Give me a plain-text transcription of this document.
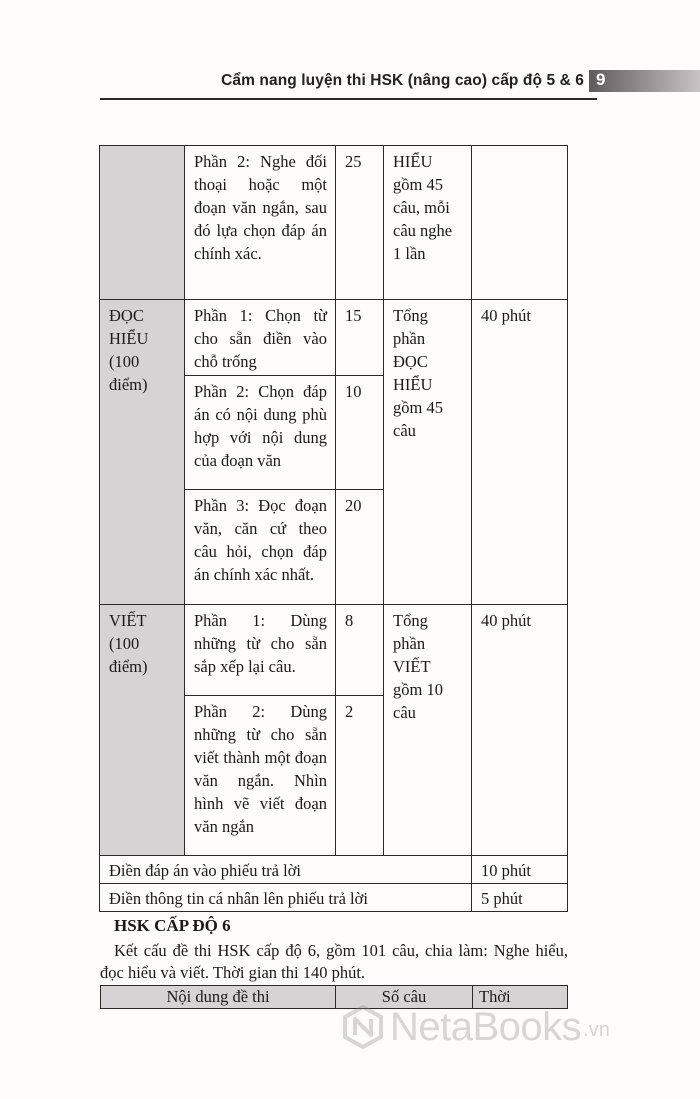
Cẩm nang luyện thi HSK (nâng cao) cấp độ 5 & 6 9
	Phần 2: Nghe đối thoại hoặc một đoạn văn ngắn, sau đó lựa chọn đáp án chính xác.	25	HIỂU gồm 45 câu, mỗi câu nghe 1 lần	
ĐỌC HIỂU (100 điểm)	Phần 1: Chọn từ cho sẵn điền vào chỗ trống	15	Tổng phần ĐỌC HIỂU gồm 45 câu	40 phút
	Phần 2: Chọn đáp án có nội dung phù hợp với nội dung của đoạn văn	10		
	Phần 3: Đọc đoạn văn, căn cứ theo câu hỏi, chọn đáp án chính xác nhất.	20		
VIẾT (100 điểm)	Phần 1: Dùng những từ cho sẵn sắp xếp lại câu.	8	Tổng phần VIẾT gồm 10 câu	40 phút
	Phần 2: Dùng những từ cho sẵn viết thành một đoạn văn ngắn. Nhìn hình vẽ viết đoạn văn ngắn	2		
Điền đáp án vào phiếu trả lời				10 phút
Điền thông tin cá nhân lên phiếu trả lời				5 phút
HSK CẤP ĐỘ 6
Kết cấu đề thi HSK cấp độ 6, gồm 101 câu, chia làm: Nghe hiểu, đọc hiểu và viết. Thời gian thi 140 phút.
Nội dung đề thi	Số câu	Thời
NetaBooks .vn
